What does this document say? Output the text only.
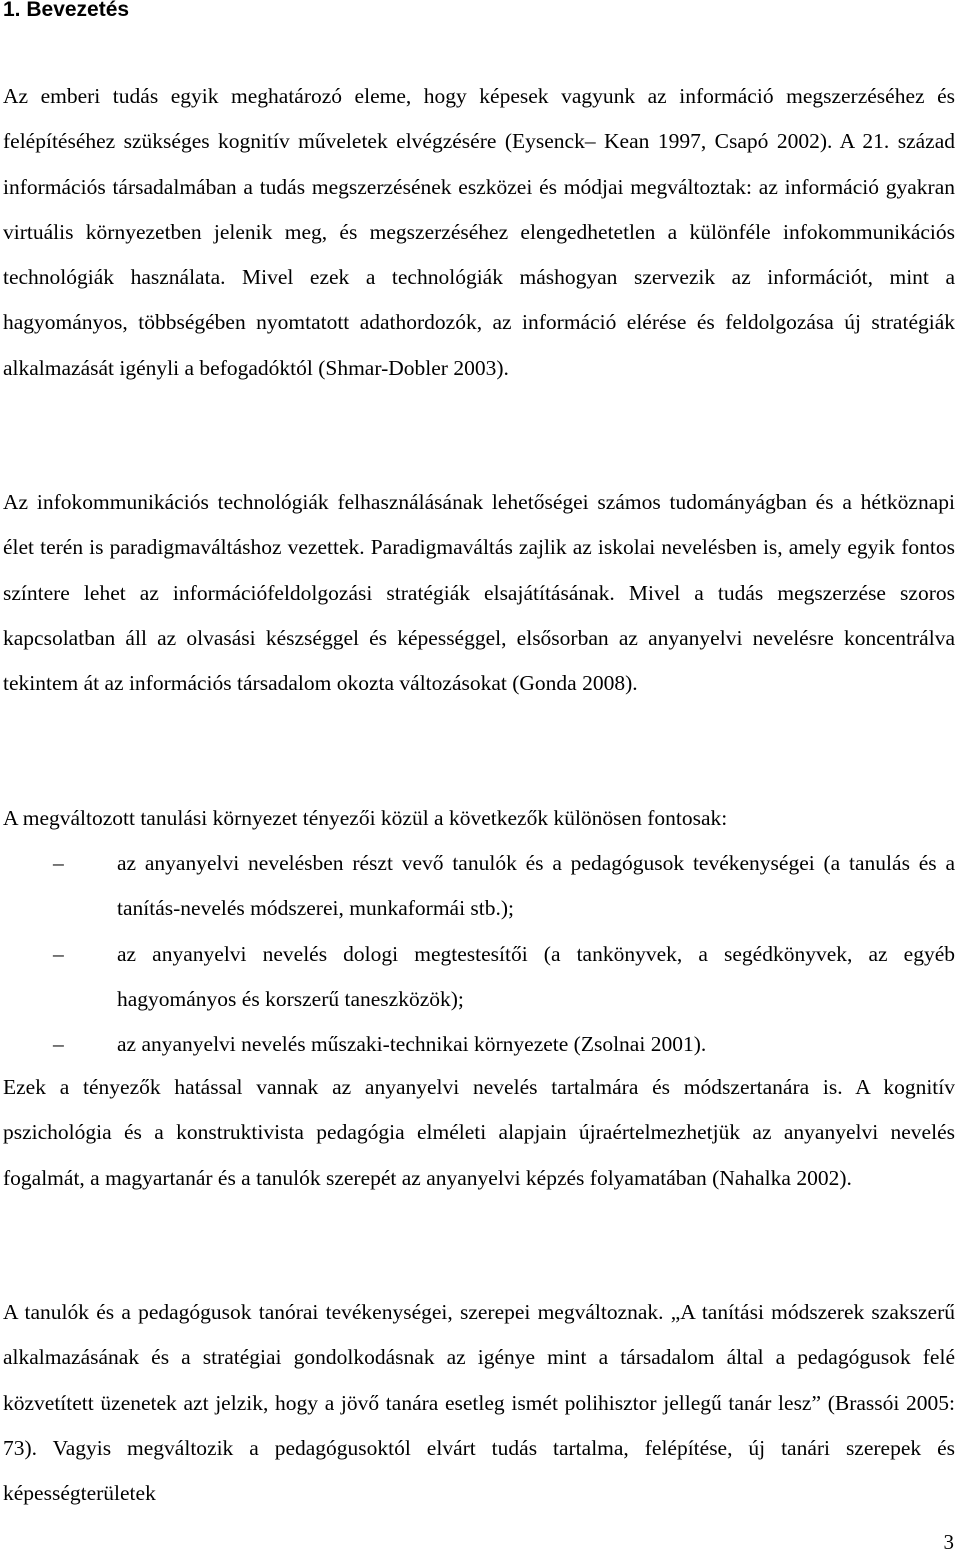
1. Bevezetés

Az emberi tudás egyik meghatározó eleme, hogy képesek vagyunk az információ megszerzéséhez és felépítéséhez szükséges kognitív műveletek elvégzésére (Eysenck– Kean 1997, Csapó 2002). A 21. század információs társadalmában a tudás megszerzésének eszközei és módjai megváltoztak: az információ gyakran virtuális környezetben jelenik meg, és megszerzéséhez elengedhetetlen a különféle infokommunikációs technológiák használata. Mivel ezek a technológiák máshogyan szervezik az információt, mint a hagyományos, többségében nyomtatott adathordozók, az információ elérése és feldolgozása új stratégiák alkalmazását igényli a befogadóktól (Shmar-Dobler 2003).

Az infokommunikációs technológiák felhasználásának lehetőségei számos tudományágban és a hétköznapi élet terén is paradigmaváltáshoz vezettek. Paradigmaváltás zajlik az iskolai nevelésben is, amely egyik fontos színtere lehet az információfeldolgozási stratégiák elsajátításának. Mivel a tudás megszerzése szoros kapcsolatban áll az olvasási készséggel és képességgel, elsősorban az anyanyelvi nevelésre koncentrálva tekintem át az információs társadalom okozta változásokat (Gonda 2008).

A megváltozott tanulási környezet tényezői közül a következők különösen fontosak:

– az anyanyelvi nevelésben részt vevő tanulók és a pedagógusok tevékenységei (a tanulás és a tanítás-nevelés módszerei, munkaformái stb.);
– az anyanyelvi nevelés dologi megtestesítői (a tankönyvek, a segédkönyvek, az egyéb hagyományos és korszerű taneszközök);
– az anyanyelvi nevelés műszaki-technikai környezete (Zsolnai 2001).

Ezek a tényezők hatással vannak az anyanyelvi nevelés tartalmára és módszertanára is. A kognitív pszichológia és a konstruktivista pedagógia elméleti alapjain újraértelmezhetjük az anyanyelvi nevelés fogalmát, a magyartanár és a tanulók szerepét az anyanyelvi képzés folyamatában (Nahalka 2002).

A tanulók és a pedagógusok tanórai tevékenységei, szerepei megváltoznak. „A tanítási módszerek szakszerű alkalmazásának és a stratégiai gondolkodásnak az igénye mint a társadalom által a pedagógusok felé közvetített üzenetek azt jelzik, hogy a jövő tanára esetleg ismét polihisztor jellegű tanár lesz” (Brassói 2005: 73). Vagyis megváltozik a pedagógusoktól elvárt tudás tartalma, felépítése, új tanári szerepek és képességterületek

3
